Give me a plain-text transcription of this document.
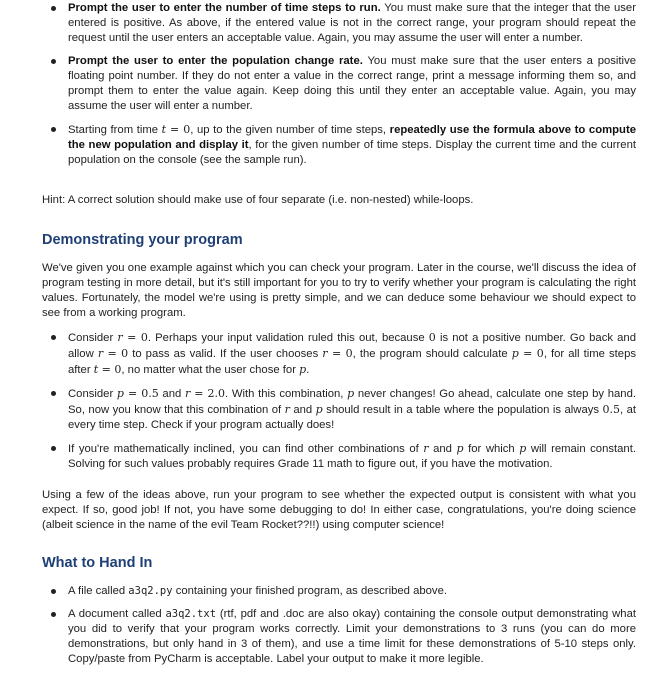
Prompt the user to enter the number of time steps to run. You must make sure that the integer that the user entered is positive. As above, if the entered value is not in the correct range, your program should repeat the request until the user enters an acceptable value. Again, you may assume the user will enter a number.
Prompt the user to enter the population change rate. You must make sure that the user enters a positive floating point number. If they do not enter a value in the correct range, print a message informing them so, and prompt them to enter the value again. Keep doing this until they enter an acceptable value. Again, you may assume the user will enter a number.
Starting from time t = 0, up to the given number of time steps, repeatedly use the formula above to compute the new population and display it, for the given number of time steps. Display the current time and the current population on the console (see the sample run).

Hint: A correct solution should make use of four separate (i.e. non-nested) while-loops.

Demonstrating your program

We've given you one example against which you can check your program. Later in the course, we'll discuss the idea of program testing in more detail, but it's still important for you to try to verify whether your program is calculating the right values. Fortunately, the model we're using is pretty simple, and we can deduce some behaviour we should expect to see from a working program.

Consider r = 0. Perhaps your input validation ruled this out, because 0 is not a positive number. Go back and allow r = 0 to pass as valid. If the user chooses r = 0, the program should calculate p = 0, for all time steps after t = 0, no matter what the user chose for p.
Consider p = 0.5 and r = 2.0. With this combination, p never changes! Go ahead, calculate one step by hand. So, now you know that this combination of r and p should result in a table where the population is always 0.5, at every time step. Check if your program actually does!
If you're mathematically inclined, you can find other combinations of r and p for which p will remain constant. Solving for such values probably requires Grade 11 math to figure out, if you have the motivation.

Using a few of the ideas above, run your program to see whether the expected output is consistent with what you expect. If so, good job! If not, you have some debugging to do! In either case, congratulations, you're doing science (albeit science in the name of the evil Team Rocket??!!) using computer science!

What to Hand In
A file called a3q2.py containing your finished program, as described above.
A document called a3q2.txt (rtf, pdf and .doc are also okay) containing the console output demonstrating what you did to verify that your program works correctly. Limit your demonstrations to 3 runs (you can do more demonstrations, but only hand in 3 of them), and use a time limit for these demonstrations of 5-10 steps only. Copy/paste from PyCharm is acceptable. Label your output to make it more legible.
